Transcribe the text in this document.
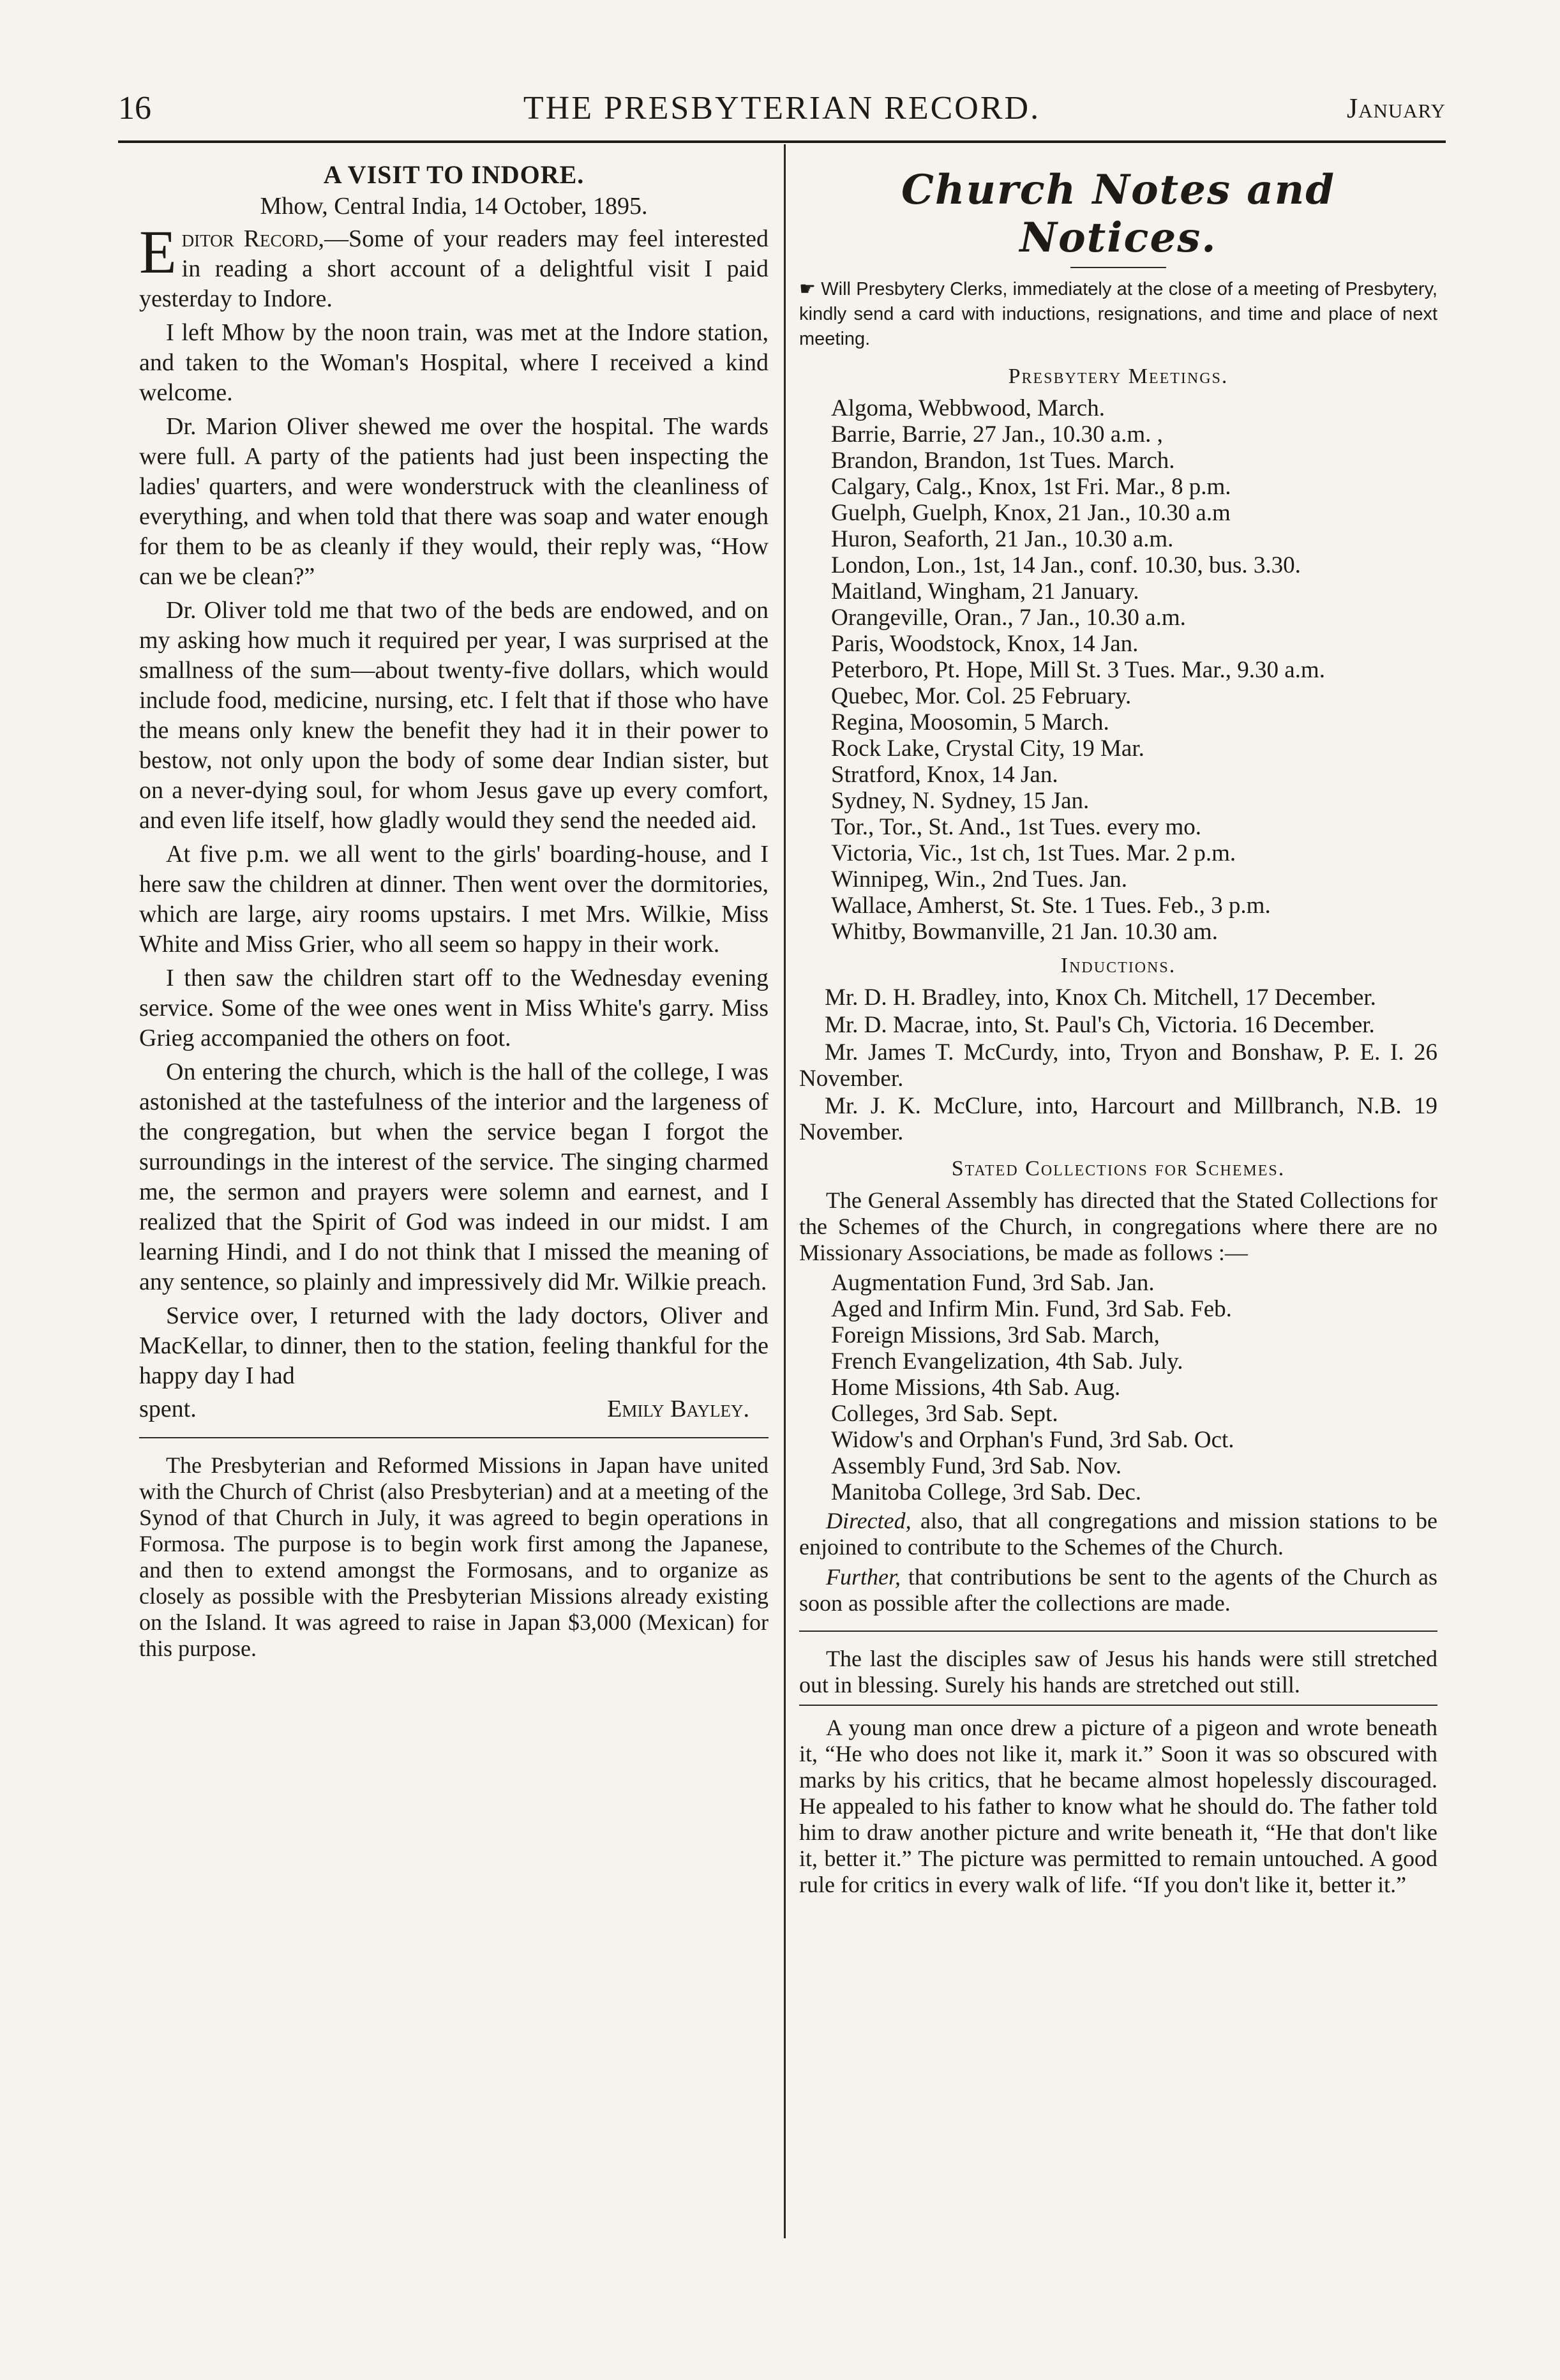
16	THE PRESBYTERIAN RECORD.	January
A VISIT TO INDORE.
Mhow, Central India, 14 October, 1895.

Editor Record,—Some of your readers may feel interested in reading a short account of a delightful visit I paid yesterday to Indore.

I left Mhow by the noon train, was met at the Indore station, and taken to the Woman's Hospital, where I received a kind welcome.

Dr. Marion Oliver shewed me over the hospital. The wards were full. A party of the patients had just been inspecting the ladies' quarters, and were wonderstruck with the cleanliness of everything, and when told that there was soap and water enough for them to be as cleanly if they would, their reply was, “How can we be clean?”

Dr. Oliver told me that two of the beds are endowed, and on my asking how much it required per year, I was surprised at the smallness of the sum—about twenty-five dollars, which would include food, medicine, nursing, etc. I felt that if those who have the means only knew the benefit they had it in their power to bestow, not only upon the body of some dear Indian sister, but on a never-dying soul, for whom Jesus gave up every comfort, and even life itself, how gladly would they send the needed aid.

At five p.m. we all went to the girls' boarding-house, and I here saw the children at dinner. Then went over the dormitories, which are large, airy rooms upstairs. I met Mrs. Wilkie, Miss White and Miss Grier, who all seem so happy in their work.

I then saw the children start off to the Wednesday evening service. Some of the wee ones went in Miss White's garry. Miss Grieg accompanied the others on foot.

On entering the church, which is the hall of the college, I was astonished at the tastefulness of the interior and the largeness of the congregation, but when the service began I forgot the surroundings in the interest of the service. The singing charmed me, the sermon and prayers were solemn and earnest, and I realized that the Spirit of God was indeed in our midst. I am learning Hindi, and I do not think that I missed the meaning of any sentence, so plainly and impressively did Mr. Wilkie preach.

Service over, I returned with the lady doctors, Oliver and MacKellar, to dinner, then to the station, feeling thankful for the happy day I had

spent.	Emily Bayley.

The Presbyterian and Reformed Missions in Japan have united with the Church of Christ (also Presbyterian) and at a meeting of the Synod of that Church in July, it was agreed to begin operations in Formosa. The purpose is to begin work first among the Japanese, and then to extend amongst the Formosans, and to organize as closely as possible with the Presbyterian Missions already existing on the Island. It was agreed to raise in Japan $3,000 (Mexican) for this purpose.

Church Notes and Notices.
☛ Will Presbytery Clerks, immediately at the close of a meeting of Presbytery, kindly send a card with inductions, resignations, and time and place of next meeting.
Presbytery Meetings.
Algoma, Webbwood, March.
Barrie, Barrie, 27 Jan., 10.30 a.m. ,
Brandon, Brandon, 1st Tues. March.
Calgary, Calg., Knox, 1st Fri. Mar., 8 p.m.
Guelph, Guelph, Knox, 21 Jan., 10.30 a.m
Huron, Seaforth, 21 Jan., 10.30 a.m.
London, Lon., 1st, 14 Jan., conf. 10.30, bus. 3.30.
Maitland, Wingham, 21 January.
Orangeville, Oran., 7 Jan., 10.30 a.m.
Paris, Woodstock, Knox, 14 Jan.
Peterboro, Pt. Hope, Mill St. 3 Tues. Mar., 9.30 a.m.
Quebec, Mor. Col. 25 February.
Regina, Moosomin, 5 March.
Rock Lake, Crystal City, 19 Mar.
Stratford, Knox, 14 Jan.
Sydney, N. Sydney, 15 Jan.
Tor., Tor., St. And., 1st Tues. every mo.
Victoria, Vic., 1st ch, 1st Tues. Mar. 2 p.m.
Winnipeg, Win., 2nd Tues. Jan.
Wallace, Amherst, St. Ste. 1 Tues. Feb., 3 p.m.
Whitby, Bowmanville, 21 Jan. 10.30 am.
Inductions.
Mr. D. H. Bradley, into, Knox Ch. Mitchell, 17 December.
Mr. D. Macrae, into, St. Paul's Ch, Victoria. 16 December.
Mr. James T. McCurdy, into, Tryon and Bonshaw, P. E. I. 26 November.
Mr. J. K. McClure, into, Harcourt and Millbranch, N.B. 19 November.
Stated Collections for Schemes.

The General Assembly has directed that the Stated Collections for the Schemes of the Church, in congregations where there are no Missionary Associations, be made as follows :—

Augmentation Fund, 3rd Sab. Jan.
Aged and Infirm Min. Fund, 3rd Sab. Feb.
Foreign Missions, 3rd Sab. March,
French Evangelization, 4th Sab. July.
Home Missions, 4th Sab. Aug.
Colleges, 3rd Sab. Sept.
Widow's and Orphan's Fund, 3rd Sab. Oct.
Assembly Fund, 3rd Sab. Nov.
Manitoba College, 3rd Sab. Dec.

Directed, also, that all congregations and mission stations to be enjoined to contribute to the Schemes of the Church.

Further, that contributions be sent to the agents of the Church as soon as possible after the collections are made.

The last the disciples saw of Jesus his hands were still stretched out in blessing. Surely his hands are stretched out still.

A young man once drew a picture of a pigeon and wrote beneath it, “He who does not like it, mark it.” Soon it was so obscured with marks by his critics, that he became almost hopelessly discouraged. He appealed to his father to know what he should do. The father told him to draw another picture and write beneath it, “He that don't like it, better it.” The picture was permitted to remain untouched. A good rule for critics in every walk of life. “If you don't like it, better it.”
